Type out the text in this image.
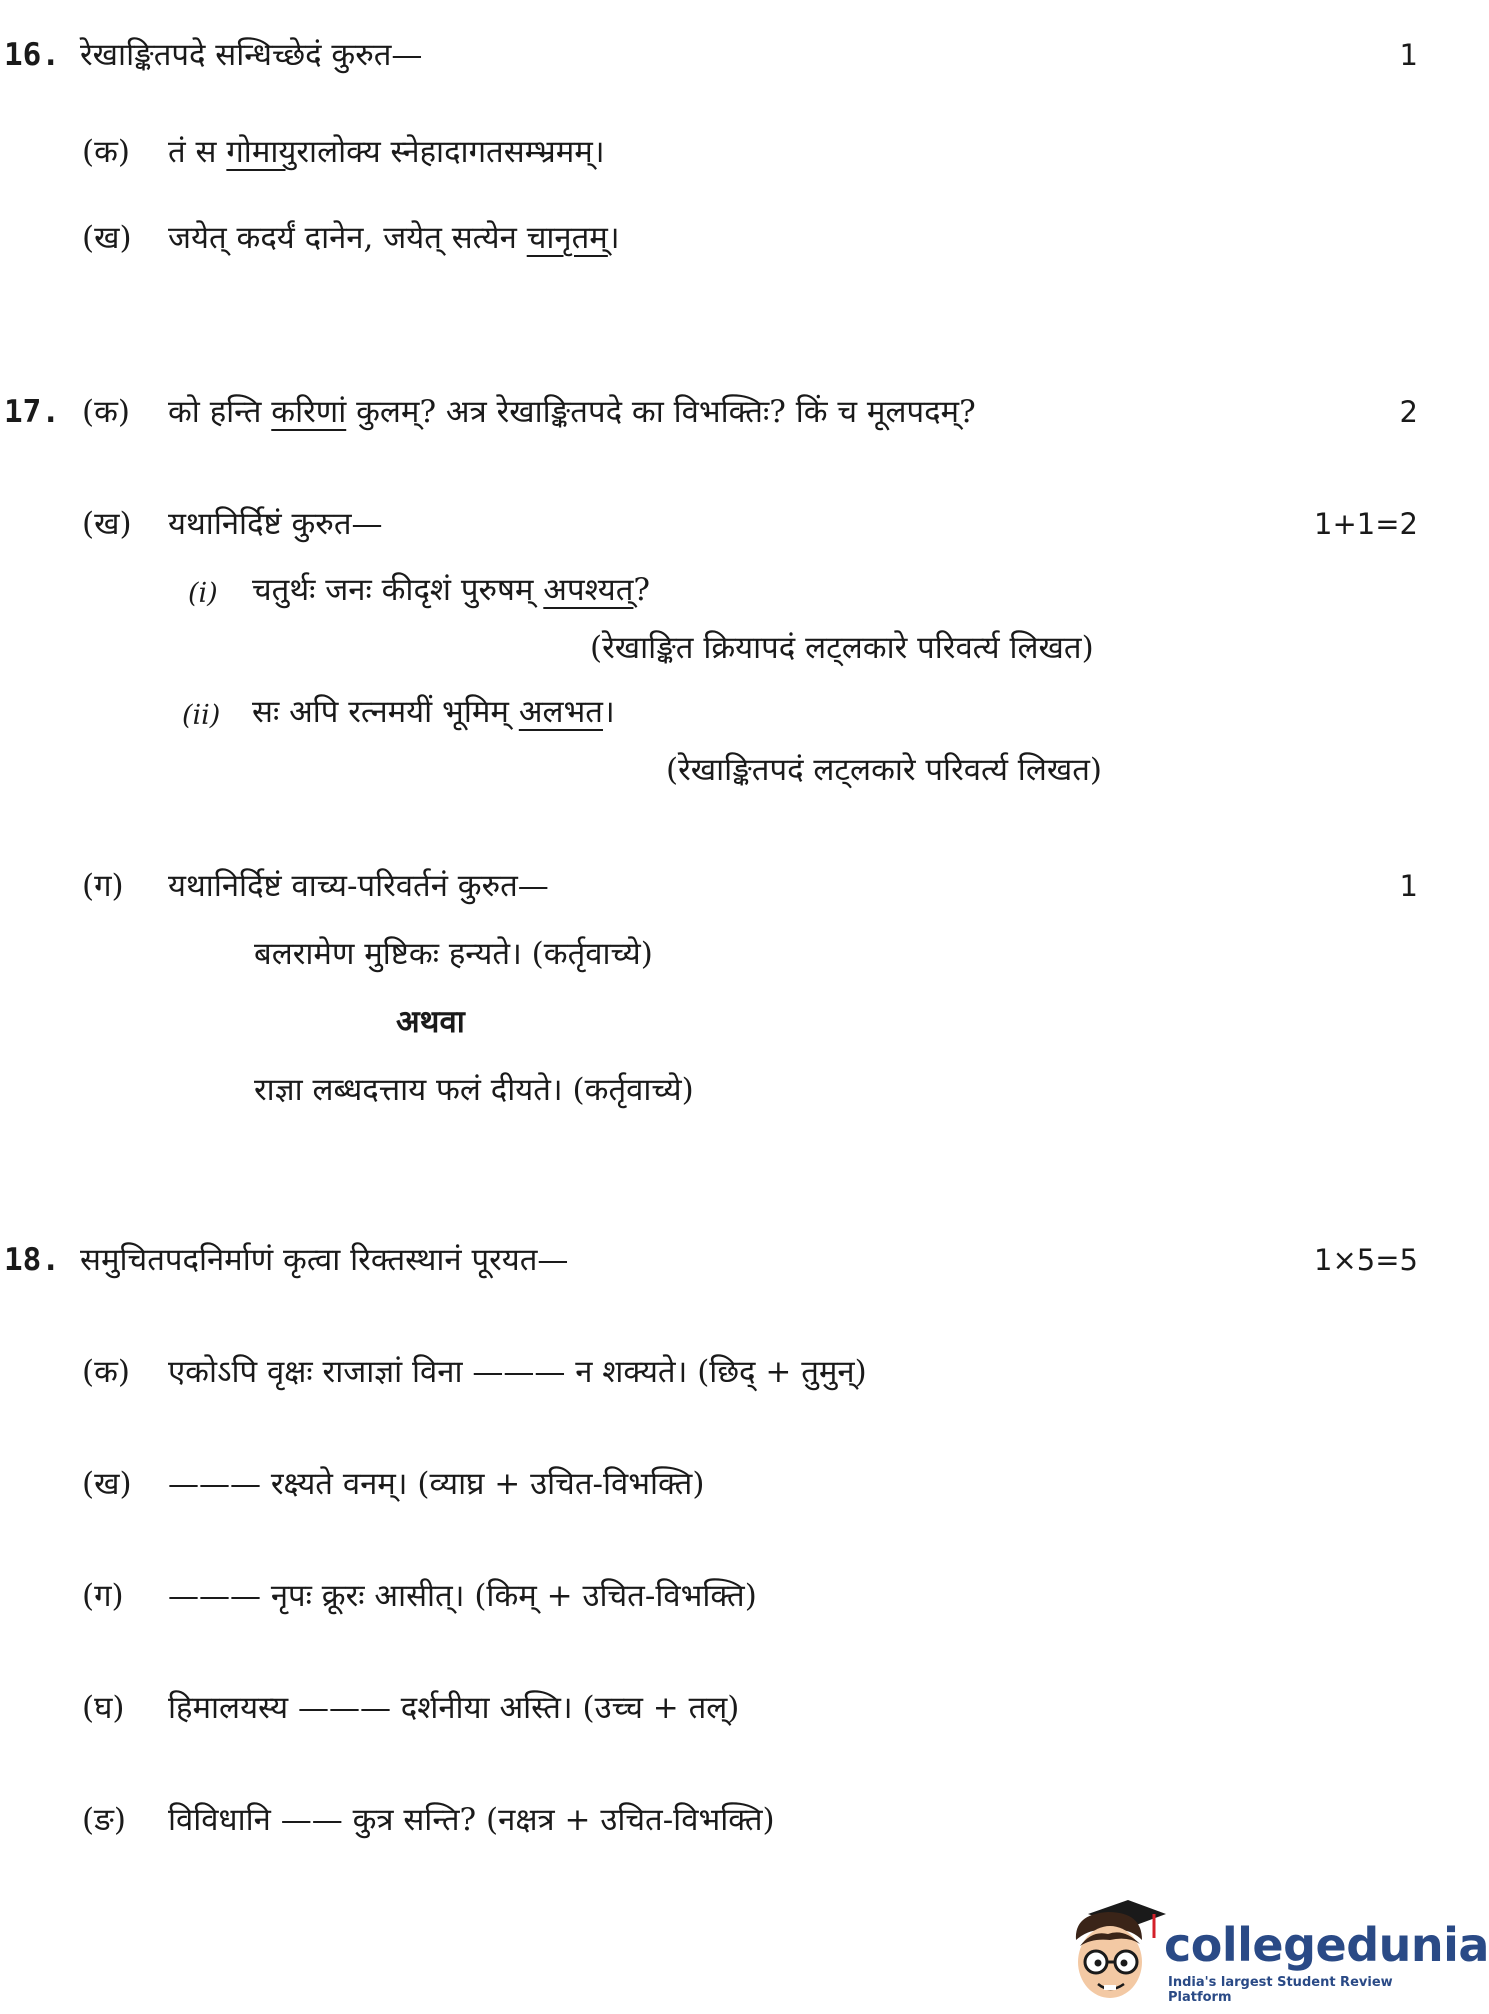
16. रेखाङ्कितपदे सन्धिच्छेदं कुरुत—	1
(क) तं स गोमायुरालोक्य स्नेहादागतसम्भ्रमम्।
(ख) जयेत् कदर्यं दानेन, जयेत् सत्येन चानृतम्।
17. (क) को हन्ति करिणां कुलम्? अत्र रेखाङ्कितपदे का विभक्तिः? किं च मूलपदम्?	2
(ख) यथानिर्दिष्टं कुरुत—	1+1=2
(i) चतुर्थः जनः कीदृशं पुरुषम् अपश्यत्?
(रेखाङ्कित क्रियापदं लट्लकारे परिवर्त्य लिखत)
(ii) सः अपि रत्नमयीं भूमिम् अलभत।
(रेखाङ्कितपदं लट्लकारे परिवर्त्य लिखत)
(ग) यथानिर्दिष्टं वाच्य-परिवर्तनं कुरुत—	1
बलरामेण मुष्टिकः हन्यते। (कर्तृवाच्ये)
अथवा
राज्ञा लब्धदत्ताय फलं दीयते। (कर्तृवाच्ये)
18. समुचितपदनिर्माणं कृत्वा रिक्तस्थानं पूरयत—	1×5=5
(क) एकोऽपि वृक्षः राजाज्ञां विना ——— न शक्यते। (छिद् + तुमुन्)
(ख) ——— रक्ष्यते वनम्। (व्याघ्र + उचित-विभक्ति)
(ग) ——— नृपः क्रूरः आसीत्। (किम् + उचित-विभक्ति)
(घ) हिमालयस्य ——— दर्शनीया अस्ति। (उच्च + तल्)
(ङ) विविधानि —— कुत्र सन्ति? (नक्षत्र + उचित-विभक्ति)
collegedunia
India's largest Student Review Platform
